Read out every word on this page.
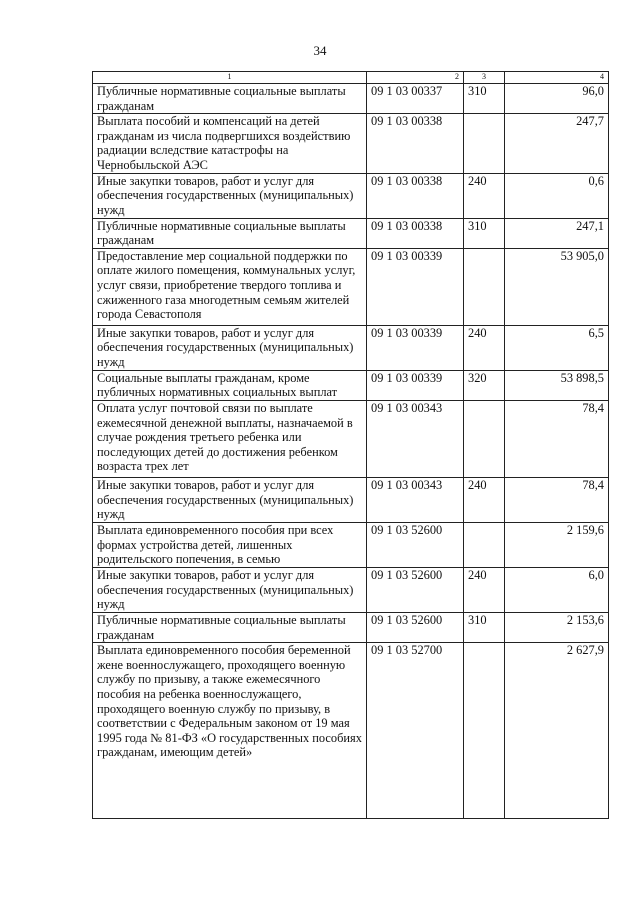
34
1	2	3	4
Публичные нормативные социальные выплаты гражданам	09 1 03 00337	310	96,0
Выплата пособий и компенсаций на детей гражданам из числа подвергшихся воздействию радиации вследствие катастрофы на Чернобыльской АЭС	09 1 03 00338		247,7
Иные закупки товаров, работ и услуг для обеспечения государственных (муниципальных) нужд	09 1 03 00338	240	0,6
Публичные нормативные социальные выплаты гражданам	09 1 03 00338	310	247,1
Предоставление мер социальной поддержки по оплате жилого помещения, коммунальных услуг, услуг связи, приобретение твердого топлива и сжиженного газа многодетным семьям жителей города Севастополя	09 1 03 00339		53 905,0
Иные закупки товаров, работ и услуг для обеспечения государственных (муниципальных) нужд	09 1 03 00339	240	6,5
Социальные выплаты гражданам, кроме публичных нормативных социальных выплат	09 1 03 00339	320	53 898,5
Оплата услуг почтовой связи по выплате ежемесячной денежной выплаты, назначаемой в случае рождения третьего ребенка или последующих детей до достижения ребенком возраста трех лет	09 1 03 00343		78,4
Иные закупки товаров, работ и услуг для обеспечения государственных (муниципальных) нужд	09 1 03 00343	240	78,4
Выплата единовременного пособия при всех формах устройства детей, лишенных родительского попечения, в семью	09 1 03 52600		2 159,6
Иные закупки товаров, работ и услуг для обеспечения государственных (муниципальных) нужд	09 1 03 52600	240	6,0
Публичные нормативные социальные выплаты гражданам	09 1 03 52600	310	2 153,6
Выплата единовременного пособия беременной жене военнослужащего, проходящего военную службу по призыву, а также ежемесячного пособия на ребенка военнослужащего, проходящего военную службу по призыву, в соответствии с Федеральным законом от 19 мая 1995 года № 81-ФЗ «О государственных пособиях гражданам, имеющим детей»	09 1 03 52700		2 627,9
